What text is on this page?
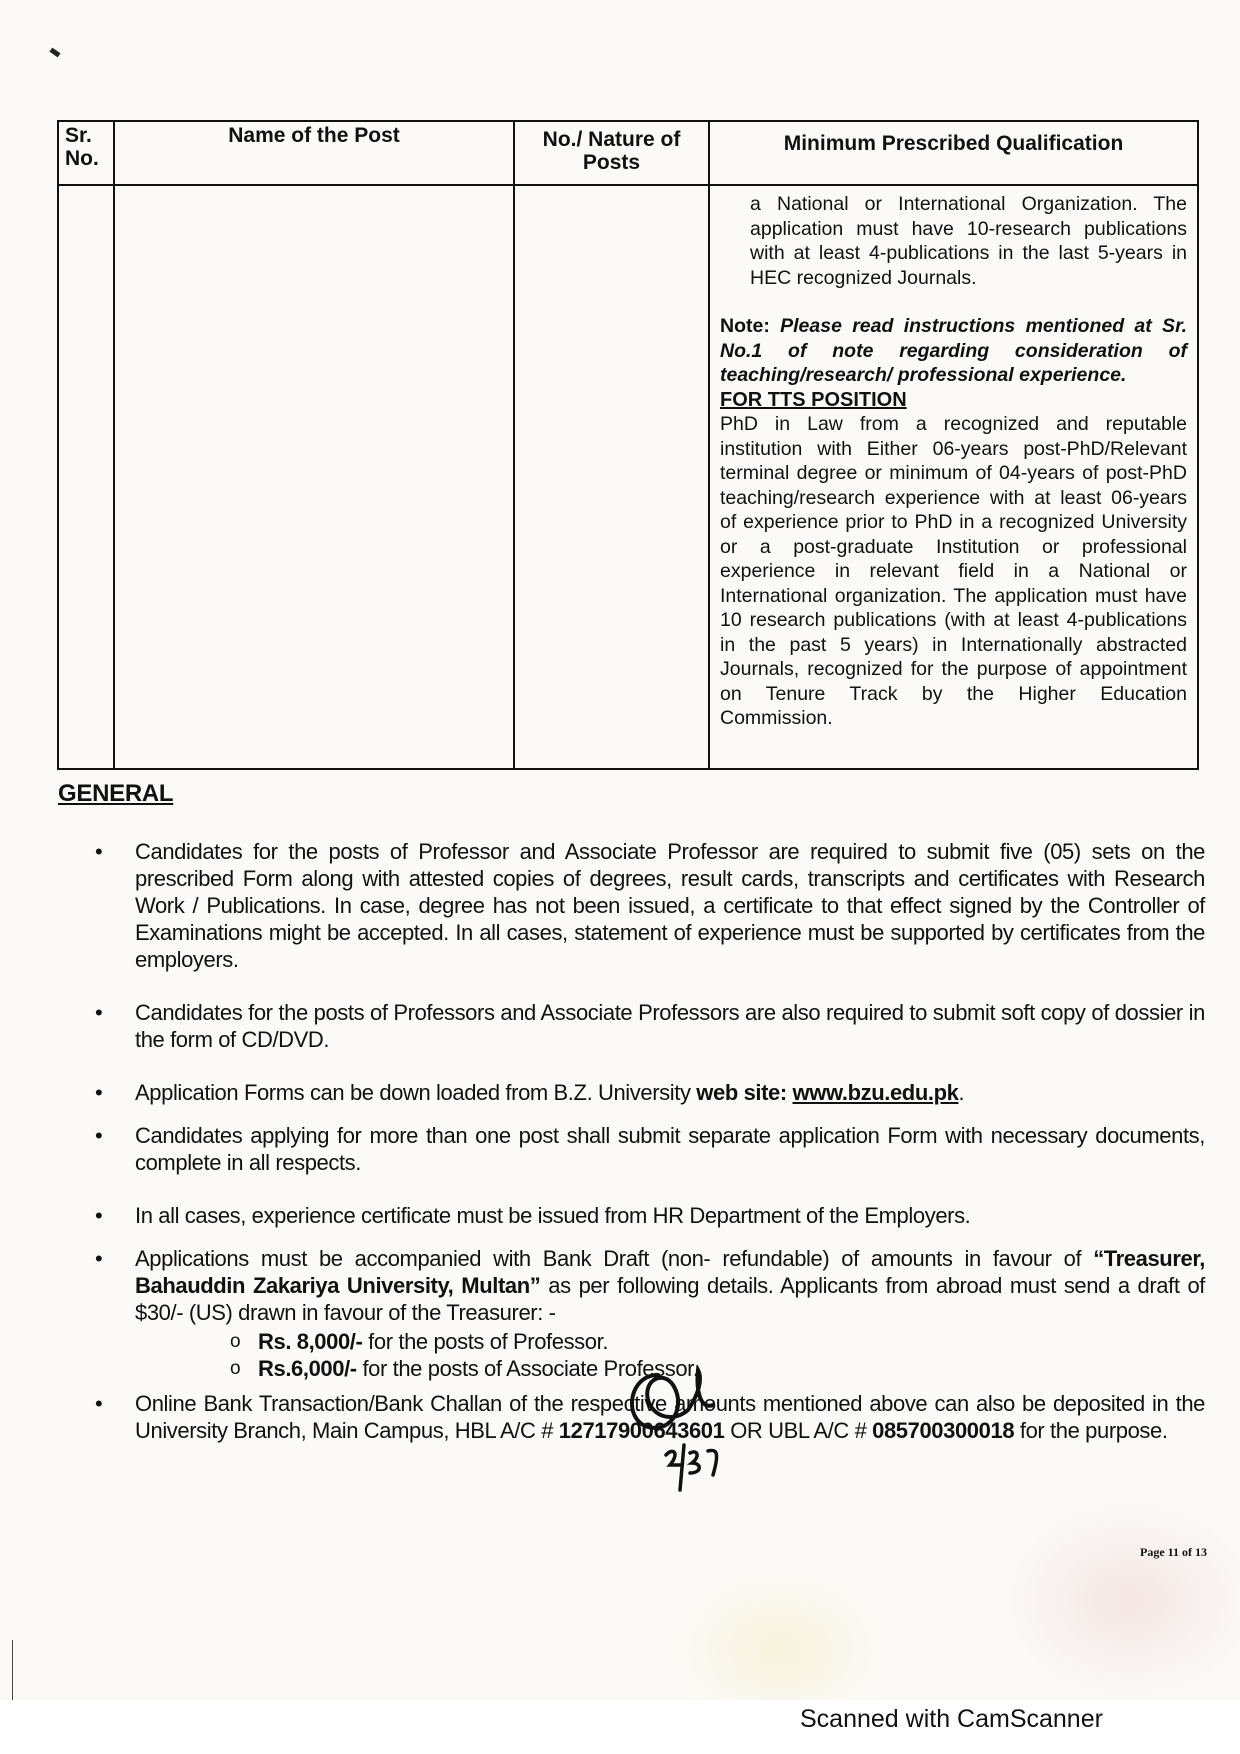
Sr. No.	Name of the Post	No./ Nature of Posts	Minimum Prescribed Qualification

			a National or International Organization. The application must have 10-research publications with at least 4-publications in the last 5-years in HEC recognized Journals.

Note: Please read instructions mentioned at Sr. No.1 of note regarding consideration of teaching/research/ professional experience.

FOR TTS POSITION

PhD in Law from a recognized and reputable institution with Either 06-years post-PhD/Relevant terminal degree or minimum of 04-years of post-PhD teaching/research experience with at least 06-years of experience prior to PhD in a recognized University or a post-graduate Institution or professional experience in relevant field in a National or International organization. The application must have 10 research publications (with at least 4-publications in the past 5 years) in Internationally abstracted Journals, recognized for the purpose of appointment on Tenure Track by the Higher Education Commission.

GENERAL
• Candidates for the posts of Professor and Associate Professor are required to submit five (05) sets on the prescribed Form along with attested copies of degrees, result cards, transcripts and certificates with Research Work / Publications. In case, degree has not been issued, a certificate to that effect signed by the Controller of Examinations might be accepted. In all cases, statement of experience must be supported by certificates from the employers.
• Candidates for the posts of Professors and Associate Professors are also required to submit soft copy of dossier in the form of CD/DVD.
• Application Forms can be down loaded from B.Z. University web site: www.bzu.edu.pk.
• Candidates applying for more than one post shall submit separate application Form with necessary documents, complete in all respects.
• In all cases, experience certificate must be issued from HR Department of the Employers.
• Applications must be accompanied with Bank Draft (non- refundable) of amounts in favour of “Treasurer, Bahauddin Zakariya University, Multan” as per following details. Applicants from abroad must send a draft of $30/- (US) drawn in favour of the Treasurer: -
o Rs. 8,000/- for the posts of Professor.
o Rs.6,000/- for the posts of Associate Professor.
• Online Bank Transaction/Bank Challan of the respective amounts mentioned above can also be deposited in the University Branch, Main Campus, HBL A/C # 12717900643601 OR UBL A/C # 085700300018 for the purpose.
Page 11 of 13
Scanned with CamScanner
